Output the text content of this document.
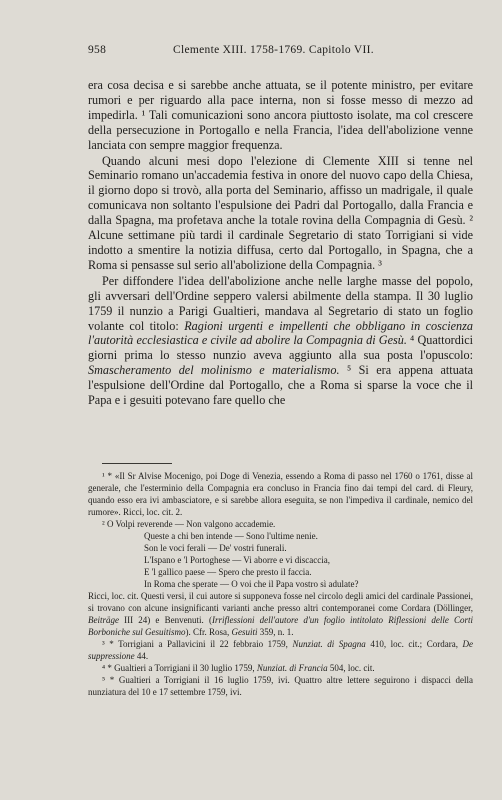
958	Clemente XIII. 1758-1769. Capitolo VII.

era cosa decisa e si sarebbe anche attuata, se il potente ministro, per evitare rumori e per riguardo alla pace interna, non si fosse messo di mezzo ad impedirla. ¹ Tali comunicazioni sono ancora piuttosto isolate, ma col crescere della persecuzione in Portogallo e nella Francia, l'idea dell'abolizione venne lanciata con sempre maggior frequenza.

Quando alcuni mesi dopo l'elezione di Clemente XIII si tenne nel Seminario romano un'accademia festiva in onore del nuovo capo della Chiesa, il giorno dopo si trovò, alla porta del Seminario, affisso un madrigale, il quale comunicava non soltanto l'espulsione dei Padri dal Portogallo, dalla Francia e dalla Spagna, ma profetava anche la totale rovina della Compagnia di Gesù. ² Alcune settimane più tardi il cardinale Segretario di stato Torrigiani si vide indotto a smentire la notizia diffusa, certo dal Portogallo, in Spagna, che a Roma si pensasse sul serio all'abolizione della Compagnia. ³

Per diffondere l'idea dell'abolizione anche nelle larghe masse del popolo, gli avversari dell'Ordine seppero valersi abilmente della stampa. Il 30 luglio 1759 il nunzio a Parigi Gualtieri, mandava al Segretario di stato un foglio volante col titolo: Ragioni urgenti e impellenti che obbligano in coscienza l'autorità ecclesiastica e civile ad abolire la Compagnia di Gesù. ⁴ Quattordici giorni prima lo stesso nunzio aveva aggiunto alla sua posta l'opuscolo: Smascheramento del molinismo e materialismo. ⁵ Si era appena attuata l'espulsione dell'Ordine dal Portogallo, che a Roma si sparse la voce che il Papa e i gesuiti potevano fare quello che

¹ * «Il Sr Alvise Mocenigo, poi Doge di Venezia, essendo a Roma di passo nel 1760 o 1761, disse al generale, che l'esterminio della Compagnia era concluso in Francia fino dai tempi del card. di Fleury, quando esso era ivi ambasciatore, e si sarebbe allora eseguita, se non l'impediva il cardinale, nemico del rumore». Ricci, loc. cit. 2.

² O Volpi reverende — Non valgono accademie.

Queste a chi ben intende — Sono l'ultime nenie.

Son le voci ferali — De' vostri funerali.

L'Ispano e 'l Portoghese — Vi aborre e vi discaccia,

E 'l gallico paese — Spero che presto il faccia.

In Roma che sperate — O voi che il Papa vostro sì adulate?

Ricci, loc. cit. Questi versi, il cui autore si supponeva fosse nel circolo degli amici del cardinale Passionei, si trovano con alcune insignificanti varianti anche presso altri contemporanei come Cordara (Döllinger, Beiträge III 24) e Benvenuti. (Irriflessioni dell'autore d'un foglio intitolato Riflessioni delle Corti Borboniche sul Gesuitismo). Cfr. Rosa, Gesuiti 359, n. 1.

³ * Torrigiani a Pallavicini il 22 febbraio 1759, Nunziat. di Spagna 410, loc. cit.; Cordara, De suppressione 44.

⁴ * Gualtieri a Torrigiani il 30 luglio 1759, Nunziat. di Francia 504, loc. cit.

⁵ * Gualtieri a Torrigiani il 16 luglio 1759, ivi. Quattro altre lettere seguirono i dispacci della nunziatura del 10 e 17 settembre 1759, ivi.
